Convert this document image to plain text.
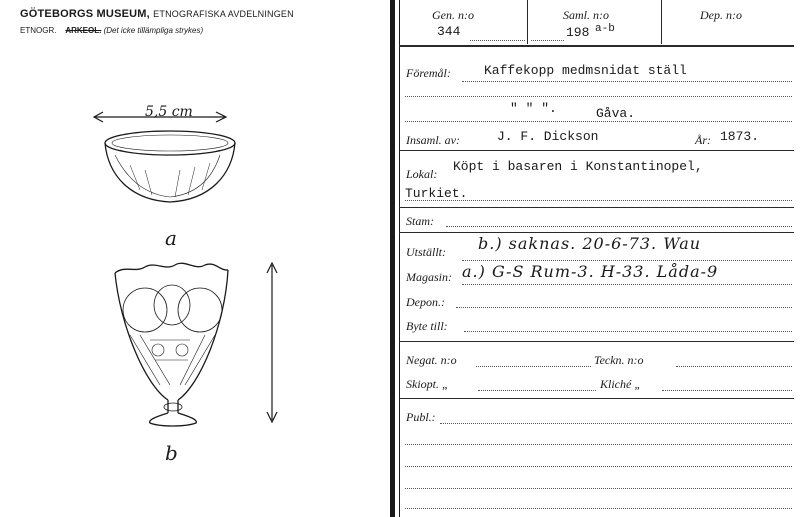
GÖTEBORGS MUSEUM, ETNOGRAFISKA AVDELNINGEN
ETNOGR. ARKEOL. (Det icke tillämpliga strykes)
5,5 cm
a
b
Gen. n:o
344
Saml. n:o
198 a-b
Dep. n:o
Föremål:	Kaffekopp medmsnidat ställ
" " ".	Gåva.
Insaml. av:	J. F. Dickson	År: 1873.
Lokal: Köpt i basaren i Konstantinopel,
Turkiet.
Stam:
Utställt: b.) saknas. 20-6-73. Wau
Magasin: a.) G-S Rum-3. H-33. Låda-9
Depon.:
Byte till:
Negat. n:o	Teckn. n:o
Skiopt. „	Kliché „
Publ.:
